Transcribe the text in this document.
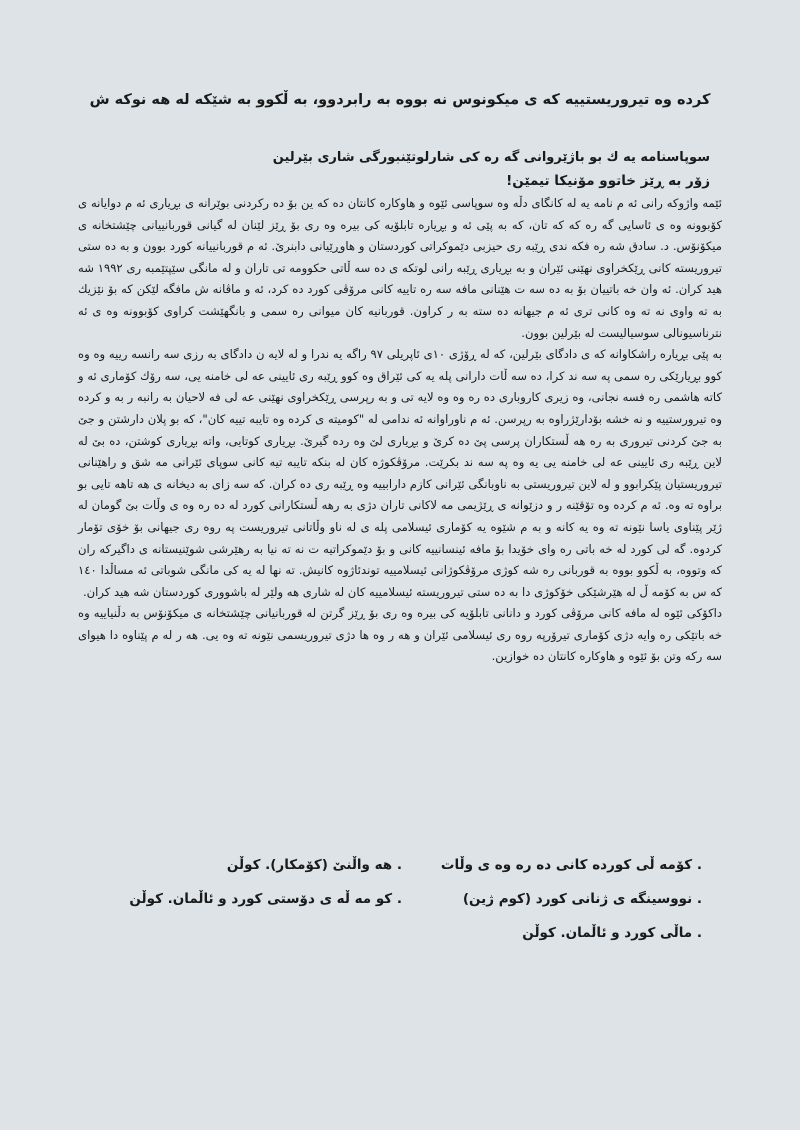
کرده وه تیروریستییه که ی میکونوس نه بووه به رابردوو، به ڵکوو به شێکه له هه نوکه ش

سوپاسنامه یه ك بو باژێروانی گه ره کی شارلوتێنبورگی شاری بێرلین

زۆر به ڕێز خاتوو مۆنیکا تیمێن!

ئێمه واژوکه رانی ئه م نامه یه له کانگای دڵه وه سوپاسی ئێوه و هاوکاره کانتان ده که ین بۆ ده رکردنی بوێرانه ی بڕیاری ئه م دوایانه ی کۆبوونه وه ی ئاسایی گه ره که که تان، که به پێی ئه و بڕیاره تابلۆیه کی بیره وه ری بۆ ڕێز لێنان له گیانی قوربانییانی چێشتخانه ی میکۆنۆس. د. سادق شه ره فکه ندی ڕێبه ری حیزبی دێموکراتی کوردستان و هاوڕێیانی دابنرێ. ئه م قوربانییانه کورد بوون و به ده ستی تیروریسته کانی ڕێکخراوی نهێنی ئێران و به بڕیاری ڕێبه رانی لوتکه ی ده سه ڵاتی حکوومه تی تاران و له مانگی سێپتێمبه ری ١٩٩٢ شه هید کران. ئه وان خه باتییان بۆ به ده سه ت هێنانی مافه سه ره تاییه کانی مرۆڤی کورد ده کرد، ئه و ماڤانه ش مافگه لێکن که بۆ نێزیك به ته واوی نه ته وه کانی تری ئه م جیهانه ده سته به ر کراون. قوربانیه کان میوانی ره سمی و بانگهێشت کراوی کۆبوونه وه ی ئه نترناسیونالی سوسیالیست له بێرلین بوون.

به پێی بڕیاره راشکاوانه که ی دادگای بێرلین، که له ڕۆژی ١٠ی ئاپریلی ٩٧ راگه یه ندرا و له لایه ن دادگای به رزی سه رانسه رییه وه وه کوو بڕیارێکی ره سمی په سه ند کرا، ده سه ڵات دارانی پله یه کی ئێراق وه کوو ڕێبه ری ئایینی عه لی خامنه یی، سه رۆك کۆماری ئه و کاته هاشمی ره فسه نجانی، وه زیری کاروباری ده ره وه وه لایه تی و به رپرسی ڕێکخراوی نهێنی عه لی فه لاحیان به رانبه ر به و کرده وه تیرورستییه و نه خشه بۆدارێژراوه به رپرسن. ئه م ناوراوانه ئه ندامی له "کومیته ی کرده وه تایبه تییه کان"، که بو پلان دارشتن و جێ به جێ کردنی تیروری به ره هه ڵستکاران پرسی پێ ده کرێ و بڕیاری لێ وه رده گیرێ. بڕیاری کوتایی، واته بڕیاری کوشتن، ده بێ له لاین ڕێبه ری ئایینی عه لی خامنه یی یه وه په سه ند بکرێت. مرۆڤکوژه کان له بنکه تایبه تیه کانی سوپای ئێرانی مه شق و راهێنانی تیروریستیان پێکرابوو و له لاین تیروریستی به ناوبانگی ئێرانی کازم دارابییه وه ڕێبه ری ده کران. که سه زای به دیخانه ی هه تاهه تایی بو براوه ته وه. ئه م کرده وه تۆقێنه ر و دزێوانه ی ڕێژیمی مه لاکانی تاران دژی به رهه ڵستکارانی کورد له ده ره وه ی وڵات بێ گومان له ژێر پێناوی یاسا نێونه ته وه یه کانه و به م شێوه یه کۆماری ئیسلامی پله ی له ناو وڵاتانی تیروریست په روه ری جیهانی بۆ خۆی تۆمار کردوه. گه لی کورد له خه باتی ره وای خۆیدا بۆ مافه ئینسانییه کانی و بۆ دێموکراتیه ت نه ته نیا به رهێرشی شوێنیستانه ی داگیرکه ران که وتووه، به ڵکوو بووه به قوربانی ره شه کوژی مرۆڤکوژانی ئیسلامییه توندئاژوه کانیش. ته نها له یه کی مانگی شوباتی ئه مساڵدا ١٤٠ که س به کۆمه ڵ له هێرشێکی خۆکوژی دا به ده ستی تیروریسته ئیسلامییه کان له شاری هه ولێر له باشووری کوردستان شه هید کران.

داکۆکی ئێوه له مافه کانی مرۆڤی کورد و دانانی تابلۆیه کی بیره وه ری بۆ ڕێز گرتن له قوربانیانی چێشتخانه ی میکۆنۆس به دڵنیاییه وه خه باتێکی ره وایه دژی کۆماری تیرۆرپه روه ری ئیسلامی ئێران و هه ر وه ها دژی تیروریسمی نێونه ته وه یی. هه ر له م پێناوه دا هیوای سه رکه وتن بۆ ئێوه و هاوکاره کانتان ده خوازین.

. کۆمه ڵی کورده کانی ده ره وه ی وڵات
. هه واڵنێ (کۆمکار). کوڵن
. نووسینگه ی ژنانی کورد (کوم ژین)
. کو مه ڵه ی دۆستی کورد و ئاڵمان. کوڵن
. ماڵی کورد و ئاڵمان. کوڵن
